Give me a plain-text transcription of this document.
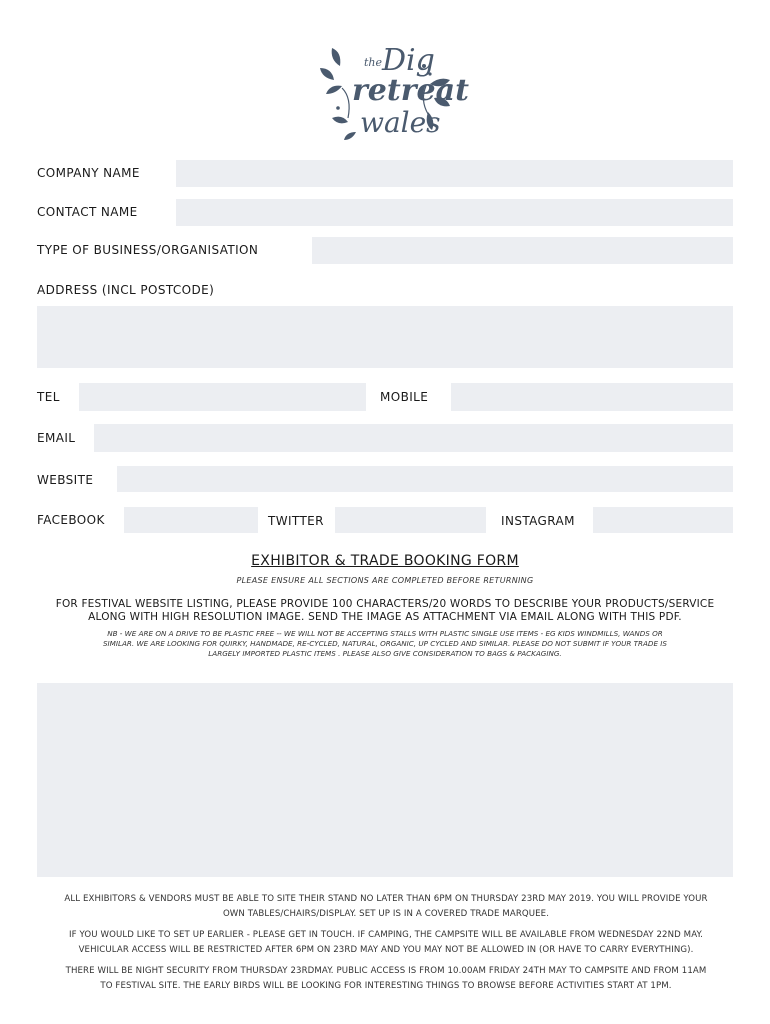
the Dig
retreat
wales
COMPANY NAME
CONTACT NAME
TYPE OF BUSINESS/ORGANISATION
ADDRESS (INCL POSTCODE)
TEL	MOBILE
EMAIL
WEBSITE
FACEBOOK	TWITTER	INSTAGRAM
EXHIBITOR & TRADE BOOKING FORM
PLEASE ENSURE ALL SECTIONS ARE COMPLETED BEFORE RETURNING
FOR FESTIVAL WEBSITE LISTING, PLEASE PROVIDE 100 CHARACTERS/20 WORDS TO DESCRIBE YOUR PRODUCTS/SERVICE
ALONG WITH HIGH RESOLUTION IMAGE. SEND THE IMAGE AS ATTACHMENT VIA EMAIL ALONG WITH THIS PDF.
NB - WE ARE ON A DRIVE TO BE PLASTIC FREE -- WE WILL NOT BE ACCEPTING STALLS WITH PLASTIC SINGLE USE ITEMS - EG KIDS WINDMILLS, WANDS OR
SIMILAR. WE ARE LOOKING FOR QUIRKY, HANDMADE, RE-CYCLED, NATURAL, ORGANIC, UP CYCLED AND SIMILAR. PLEASE DO NOT SUBMIT IF YOUR TRADE IS
LARGELY IMPORTED PLASTIC ITEMS . PLEASE ALSO GIVE CONSIDERATION TO BAGS & PACKAGING.
ALL EXHIBITORS & VENDORS MUST BE ABLE TO SITE THEIR STAND NO LATER THAN 6PM ON THURSDAY 23RD MAY 2019. YOU WILL PROVIDE YOUR
OWN TABLES/CHAIRS/DISPLAY. SET UP IS IN A COVERED TRADE MARQUEE.
IF YOU WOULD LIKE TO SET UP EARLIER - PLEASE GET IN TOUCH. IF CAMPING, THE CAMPSITE WILL BE AVAILABLE FROM WEDNESDAY 22ND MAY.
VEHICULAR ACCESS WILL BE RESTRICTED AFTER 6PM ON 23RD MAY AND YOU MAY NOT BE ALLOWED IN (OR HAVE TO CARRY EVERYTHING).
THERE WILL BE NIGHT SECURITY FROM THURSDAY 23RDMAY. PUBLIC ACCESS IS FROM 10.00AM FRIDAY 24TH MAY TO CAMPSITE AND FROM 11AM
TO FESTIVAL SITE. THE EARLY BIRDS WILL BE LOOKING FOR INTERESTING THINGS TO BROWSE BEFORE ACTIVITIES START AT 1PM.
